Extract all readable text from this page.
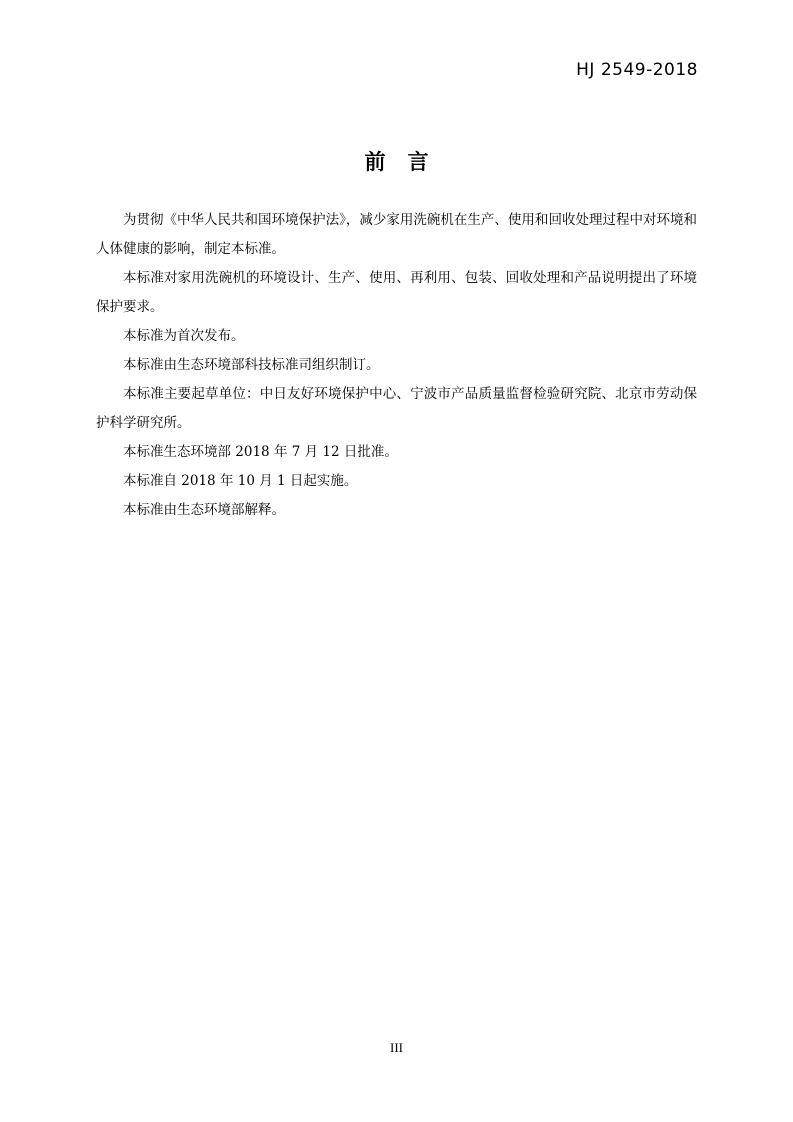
HJ 2549-2018
前言

为贯彻《中华人民共和国环境保护法》，减少家用洗碗机在生产、使用和回收处理过程中对环境和人体健康的影响，制定本标准。

本标准对家用洗碗机的环境设计、生产、使用、再利用、包装、回收处理和产品说明提出了环境保护要求。

本标准为首次发布。

本标准由生态环境部科技标准司组织制订。

本标准主要起草单位：中日友好环境保护中心、宁波市产品质量监督检验研究院、北京市劳动保护科学研究所。

本标准生态环境部 2018 年 7 月 12 日批准。

本标准自 2018 年 10 月 1 日起实施。

本标准由生态环境部解释。

III
